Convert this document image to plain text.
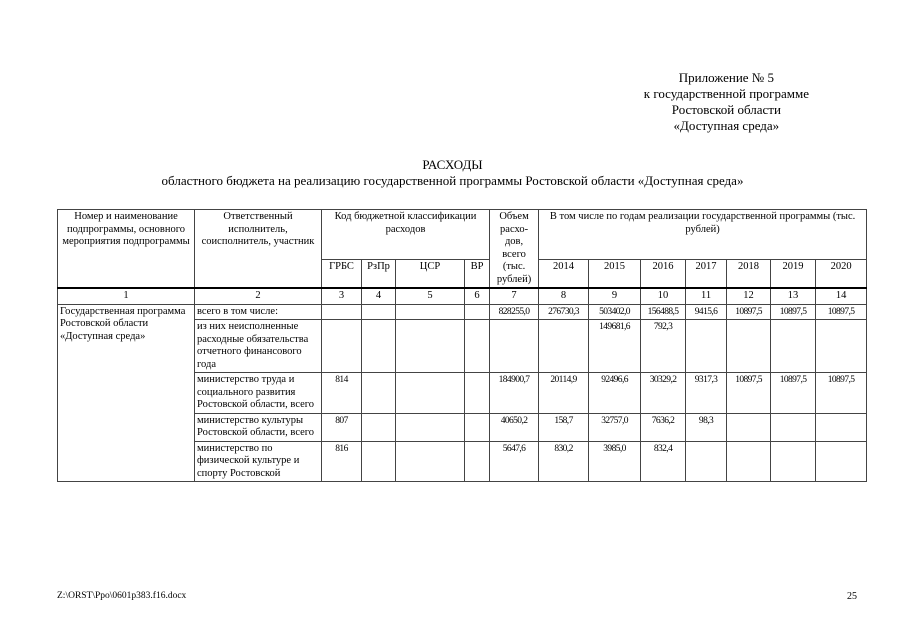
Приложение № 5
к государственной программе
Ростовской области
«Доступная среда»
РАСХОДЫ
областного бюджета на реализацию государственной программы Ростовской области «Доступная среда»
Номер и наименование подпрограммы, основного мероприятия подпрограммы	Ответственный исполнитель, соисполнитель, участник	Код бюджетной классификации расходов				Объем расхо-дов, всего (тыс. рублей)	В том числе по годам реализации государственной программы (тыс. рублей)						
		ГРБС	РзПр	ЦСР	ВР		2014	2015	2016	2017	2018	2019	2020
1	2	3	4	5	6	7	8	9	10	11	12	13	14
Государственная программа Ростовской области «Доступная среда»	всего в том числе:					828255,0	276730,3	503402,0	156488,5	9415,6	10897,5	10897,5	10897,5
	из них неисполненные расходные обязательства отчетного финансового года							149681,6	792,3				
	министерство труда и социального развития Ростовской области, всего	814				184900,7	20114,9	92496,6	30329,2	9317,3	10897,5	10897,5	10897,5
	министерство культуры Ростовской области, всего	807				40650,2	158,7	32757,0	7636,2	98,3			
	министерство по физической культуре и спорту Ростовской	816				5647,6	830,2	3985,0	832,4				
Z:\ORST\Ppo\0601p383.f16.docx	25
